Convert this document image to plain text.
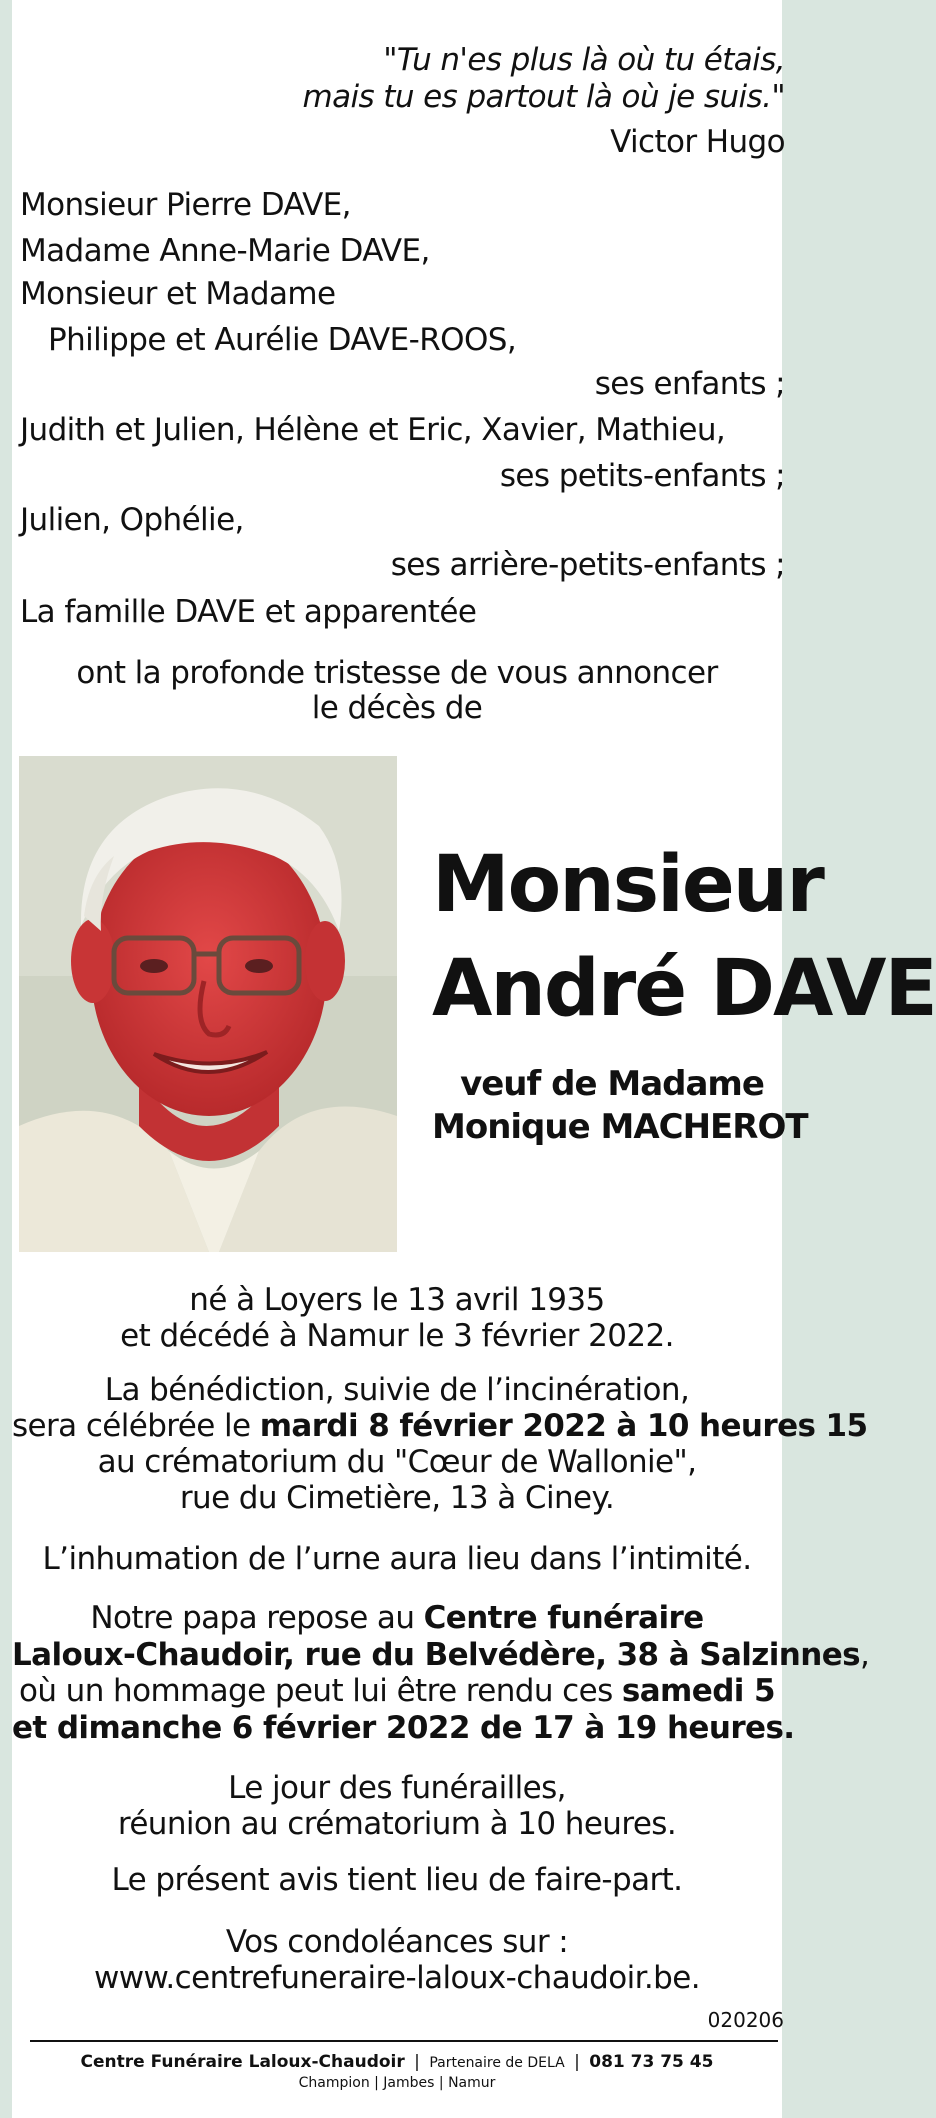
"Tu n'es plus là où tu étais,
mais tu es partout là où je suis."
Victor Hugo
Monsieur Pierre DAVE,
Madame Anne-Marie DAVE,
Monsieur et Madame
Philippe et Aurélie DAVE-ROOS,
ses enfants ;
Judith et Julien, Hélène et Eric, Xavier, Mathieu,
ses petits-enfants ;
Julien, Ophélie,
ses arrière-petits-enfants ;
La famille DAVE et apparentée
ont la profonde tristesse de vous annoncer
le décès de
Monsieur
André DAVE
veuf de Madame
Monique MACHEROT
né à Loyers le 13 avril 1935
et décédé à Namur le 3 février 2022.
La bénédiction, suivie de l’incinération,
sera célébrée le mardi 8 février 2022 à 10 heures 15
au crématorium du "Cœur de Wallonie",
rue du Cimetière, 13 à Ciney.
L’inhumation de l’urne aura lieu dans l’intimité.
Notre papa repose au Centre funéraire
Laloux-Chaudoir, rue du Belvédère, 38 à Salzinnes,
où un hommage peut lui être rendu ces samedi 5
et dimanche 6 février 2022 de 17 à 19 heures.
Le jour des funérailles,
réunion au crématorium à 10 heures.
Le présent avis tient lieu de faire-part.
Vos condoléances sur :
www.centrefuneraire-laloux-chaudoir.be.
020206
Centre Funéraire Laloux-Chaudoir | Partenaire de DELA | 081 73 75 45
Champion | Jambes | Namur
